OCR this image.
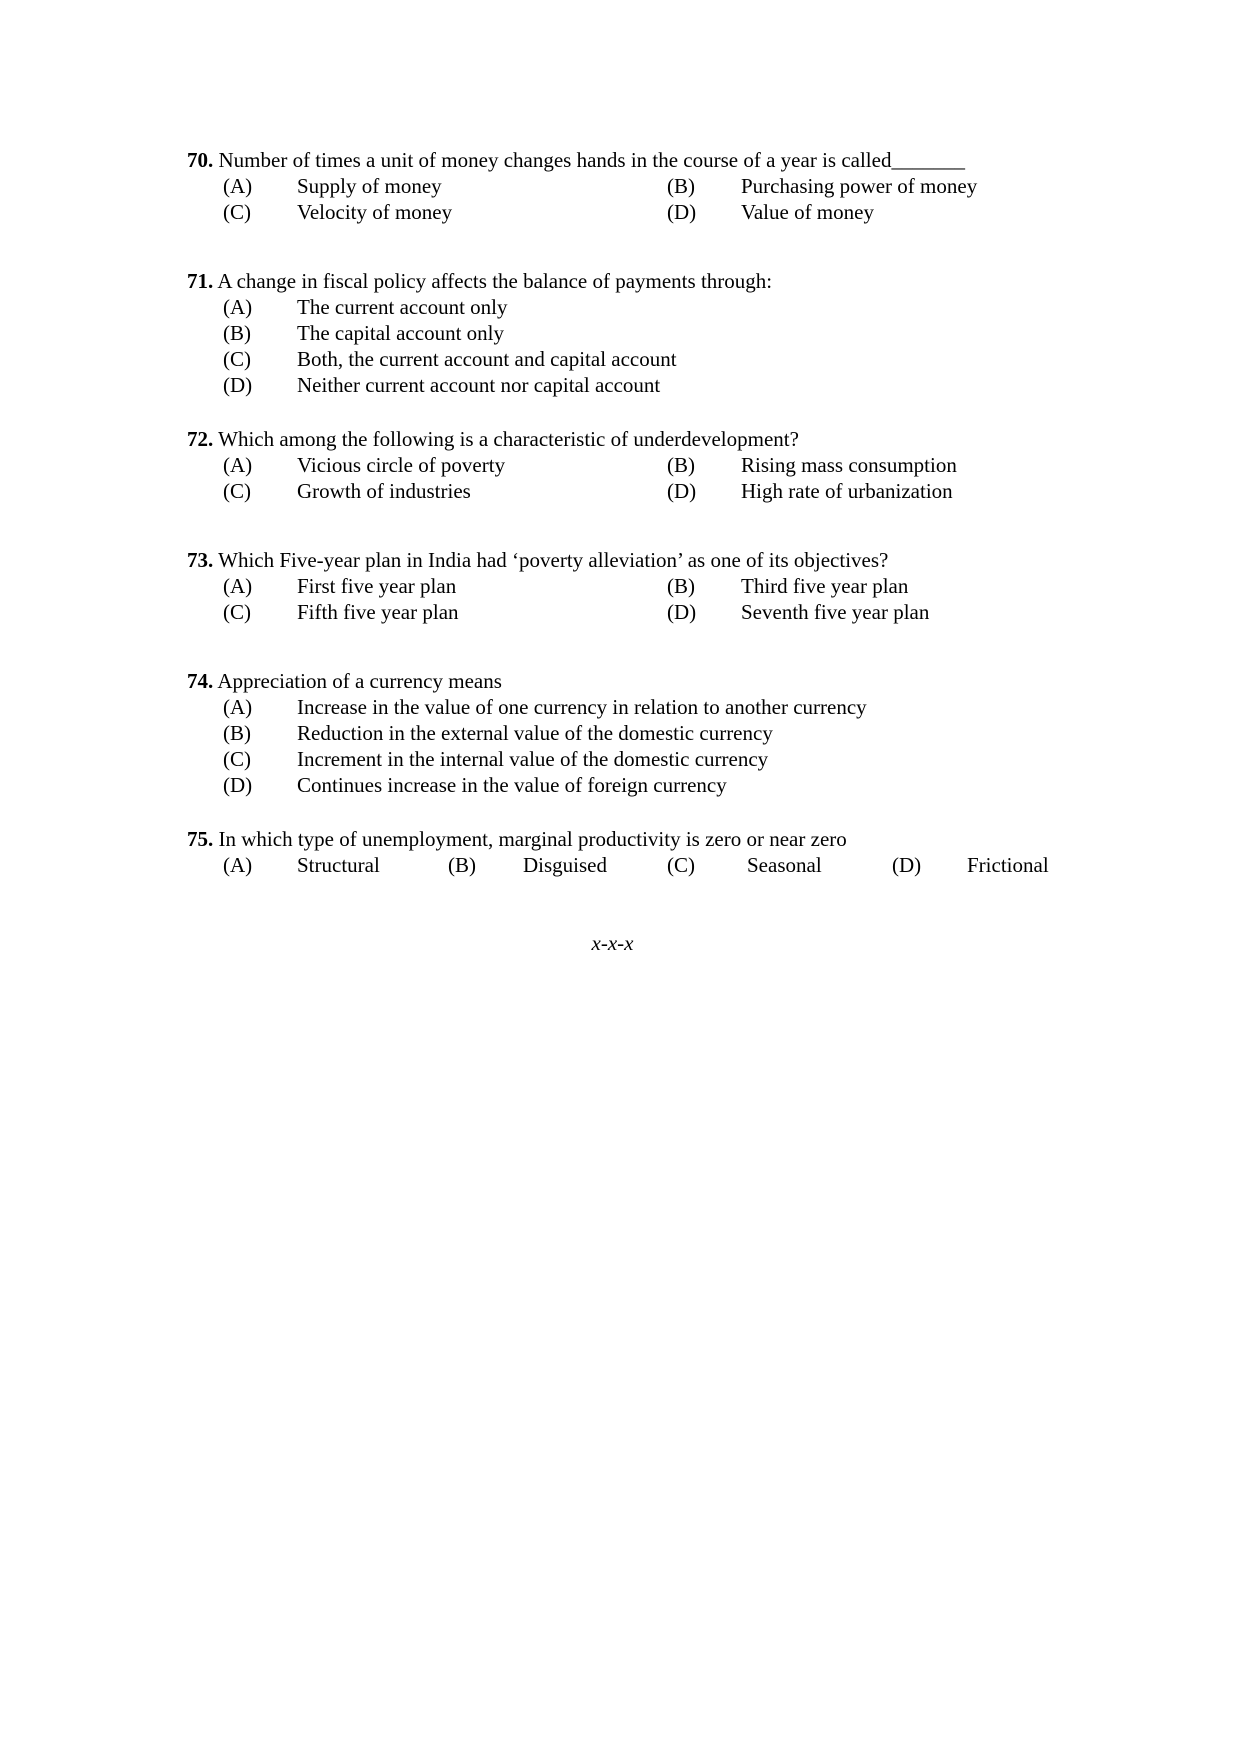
70. Number of times a unit of money changes hands in the course of a year is called_______
(A) Supply of money	(B) Purchasing power of money
(C) Velocity of money	(D) Value of money
71. A change in fiscal policy affects the balance of payments through:
(A) The current account only
(B) The capital account only
(C) Both, the current account and capital account
(D) Neither current account nor capital account
72. Which among the following is a characteristic of underdevelopment?
(A) Vicious circle of poverty	(B) Rising mass consumption
(C) Growth of industries	(D) High rate of urbanization
73. Which Five-year plan in India had ‘poverty alleviation’ as one of its objectives?
(A) First five year plan	(B) Third five year plan
(C) Fifth five year plan	(D) Seventh five year plan
74. Appreciation of a currency means
(A) Increase in the value of one currency in relation to another currency
(B) Reduction in the external value of the domestic currency
(C) Increment in the internal value of the domestic currency
(D) Continues increase in the value of foreign currency
75. In which type of unemployment, marginal productivity is zero or near zero
(A) Structural	(B) Disguised	(C) Seasonal	(D) Frictional
x-x-x
